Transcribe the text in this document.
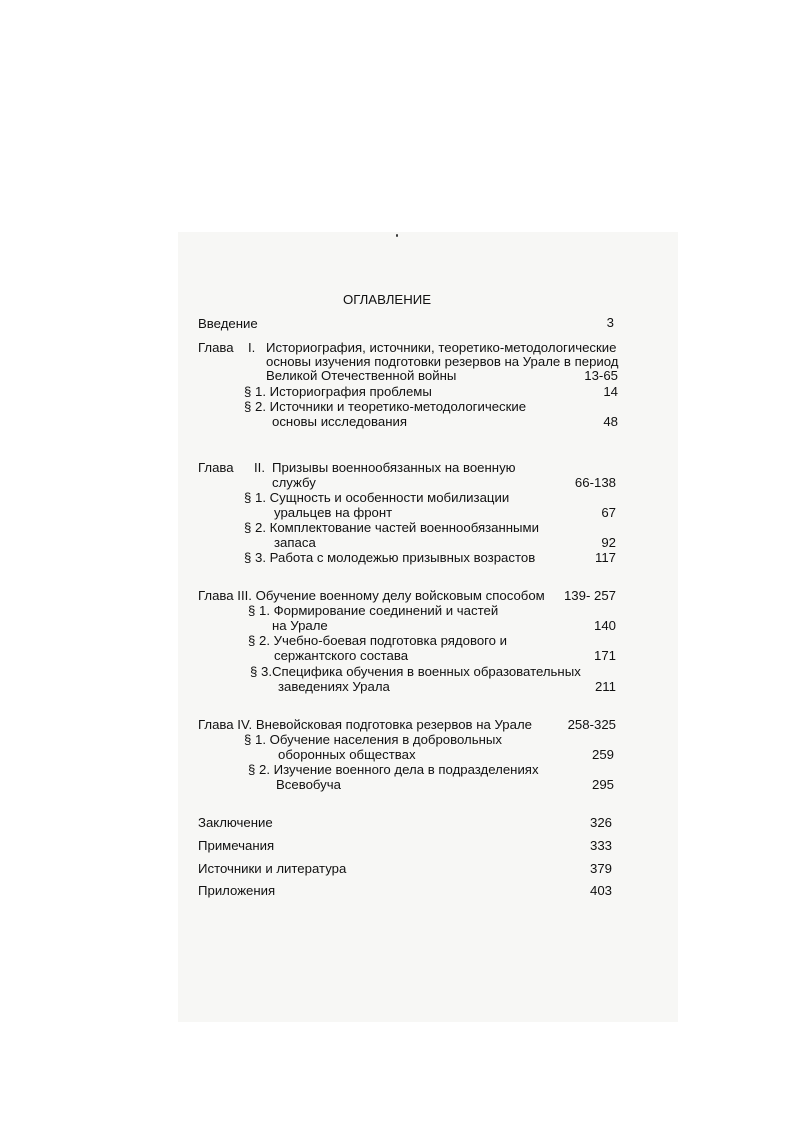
ОГЛАВЛЕНИЕ
Введение	3
Глава I. Историография, источники, теоретико-методологические
основы изучения подготовки резервов на Урале в период
Великой Отечественной войны	13-65
§ 1. Историография проблемы	14
§ 2. Источники и теоретико-методологические
основы исследования	48
Глава II. Призывы военнообязанных на военную
службу	66-138
§ 1. Сущность и особенности мобилизации
уральцев на фронт	67
§ 2. Комплектование частей военнообязанными
запаса	92
§ 3. Работа с молодежью призывных возрастов	117
Глава III. Обучение военному делу войсковым способом	139- 257
§ 1. Формирование соединений и частей
на Урале	140
§ 2. Учебно-боевая подготовка рядового и
сержантского состава	171
§ 3.Специфика обучения в военных образовательных
заведениях Урала	211
Глава IV. Вневойсковая подготовка резервов на Урале	258-325
§ 1. Обучение населения в добровольных
оборонных обществах	259
§ 2. Изучение военного дела в подразделениях
Всевобуча	295
Заключение	326
Примечания	333
Источники и литература	379
Приложения	403
